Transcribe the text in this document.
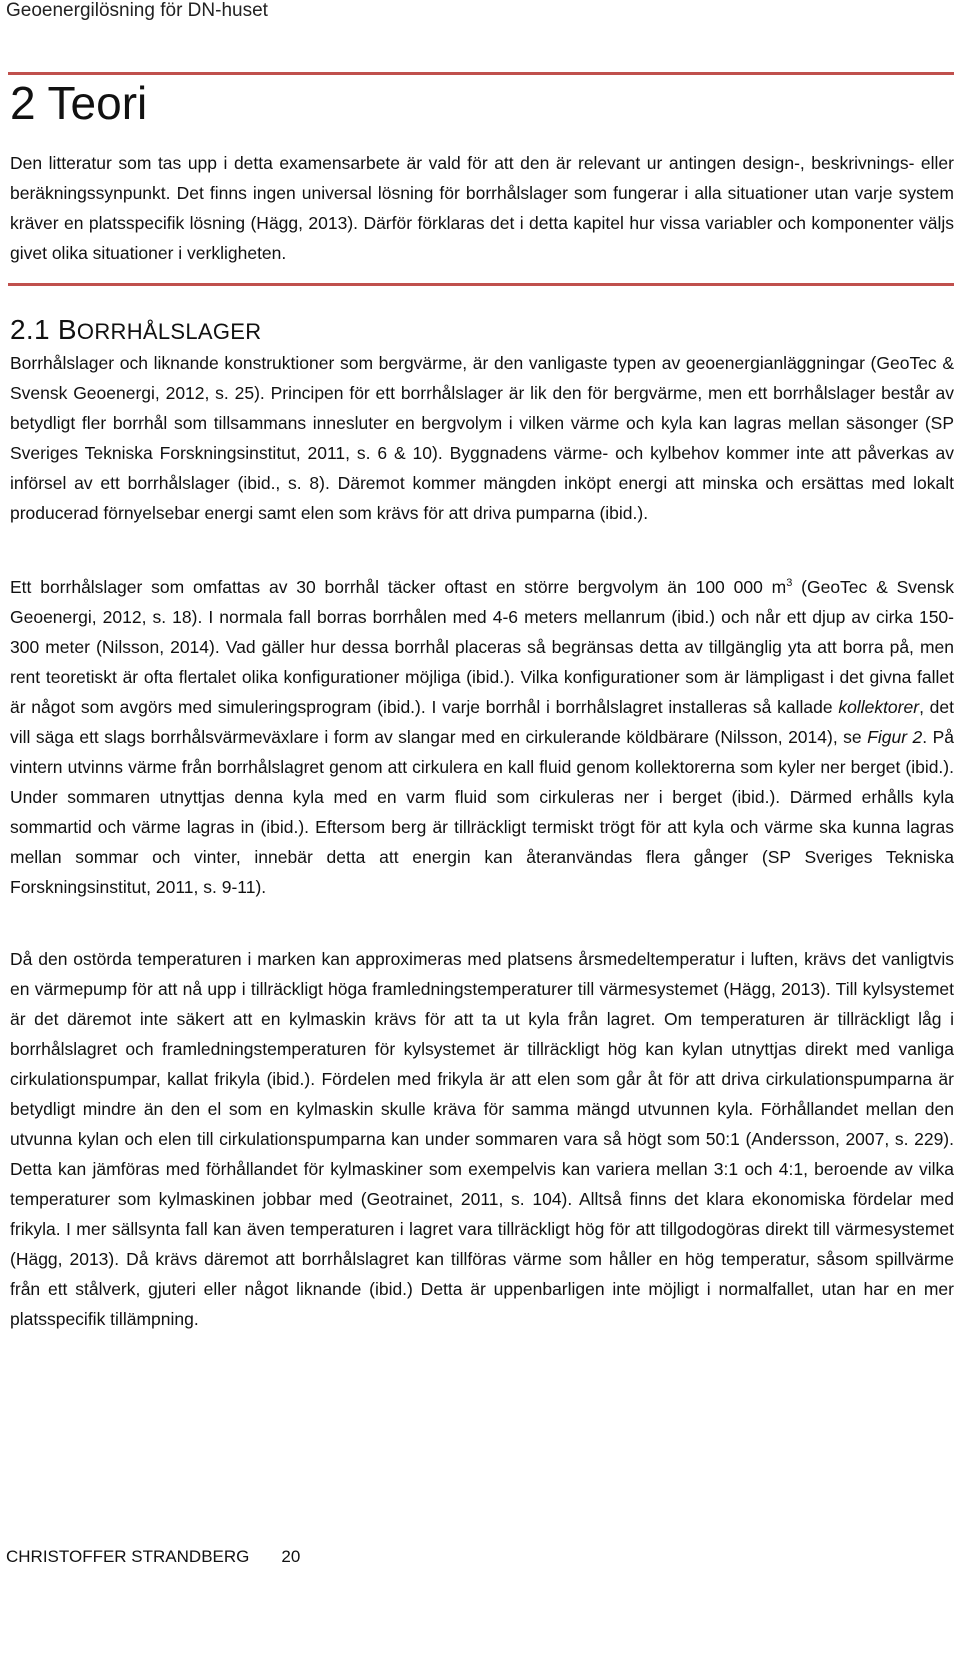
Geoenergilösning för DN-huset
2 Teori

Den litteratur som tas upp i detta examensarbete är vald för att den är relevant ur antingen design-, beskrivnings- eller beräkningssynpunkt. Det finns ingen universal lösning för borrhålslager som fungerar i alla situationer utan varje system kräver en platsspecifik lösning (Hägg, 2013). Därför förklaras det i detta kapitel hur vissa variabler och komponenter väljs givet olika situationer i verkligheten.

2.1 BORRHÅLSLAGER

Borrhålslager och liknande konstruktioner som bergvärme, är den vanligaste typen av geoenergianläggningar (GeoTec & Svensk Geoenergi, 2012, s. 25). Principen för ett borrhålslager är lik den för bergvärme, men ett borrhålslager består av betydligt fler borrhål som tillsammans innesluter en bergvolym i vilken värme och kyla kan lagras mellan säsonger (SP Sveriges Tekniska Forskningsinstitut, 2011, s. 6 & 10). Byggnadens värme- och kylbehov kommer inte att påverkas av införsel av ett borrhålslager (ibid., s. 8). Däremot kommer mängden inköpt energi att minska och ersättas med lokalt producerad förnyelsebar energi samt elen som krävs för att driva pumparna (ibid.).

Ett borrhålslager som omfattas av 30 borrhål täcker oftast en större bergvolym än 100 000 $m^3$ (GeoTec & Svensk Geoenergi, 2012, s. 18). I normala fall borras borrhålen med 4-6 meters mellanrum (ibid.) och når ett djup av cirka 150-300 meter (Nilsson, 2014). Vad gäller hur dessa borrhål placeras så begränsas detta av tillgänglig yta att borra på, men rent teoretiskt är ofta flertalet olika konfigurationer möjliga (ibid.). Vilka konfigurationer som är lämpligast i det givna fallet är något som avgörs med simuleringsprogram (ibid.). I varje borrhål i borrhålslagret installeras så kallade kollektorer, det vill säga ett slags borrhålsvärmeväxlare i form av slangar med en cirkulerande köldbärare (Nilsson, 2014), se Figur 2. På vintern utvinns värme från borrhålslagret genom att cirkulera en kall fluid genom kollektorerna som kyler ner berget (ibid.). Under sommaren utnyttjas denna kyla med en varm fluid som cirkuleras ner i berget (ibid.). Därmed erhålls kyla sommartid och värme lagras in (ibid.). Eftersom berg är tillräckligt termiskt trögt för att kyla och värme ska kunna lagras mellan sommar och vinter, innebär detta att energin kan återanvändas flera gånger (SP Sveriges Tekniska Forskningsinstitut, 2011, s. 9-11).

Då den ostörda temperaturen i marken kan approximeras med platsens årsmedeltemperatur i luften, krävs det vanligtvis en värmepump för att nå upp i tillräckligt höga framledningstemperaturer till värmesystemet (Hägg, 2013). Till kylsystemet är det däremot inte säkert att en kylmaskin krävs för att ta ut kyla från lagret. Om temperaturen är tillräckligt låg i borrhålslagret och framledningstemperaturen för kylsystemet är tillräckligt hög kan kylan utnyttjas direkt med vanliga cirkulationspumpar, kallat frikyla (ibid.). Fördelen med frikyla är att elen som går åt för att driva cirkulationspumparna är betydligt mindre än den el som en kylmaskin skulle kräva för samma mängd utvunnen kyla. Förhållandet mellan den utvunna kylan och elen till cirkulationspumparna kan under sommaren vara så högt som 50:1 (Andersson, 2007, s. 229). Detta kan jämföras med förhållandet för kylmaskiner som exempelvis kan variera mellan 3:1 och 4:1, beroende av vilka temperaturer som kylmaskinen jobbar med (Geotrainet, 2011, s. 104). Alltså finns det klara ekonomiska fördelar med frikyla. I mer sällsynta fall kan även temperaturen i lagret vara tillräckligt hög för att tillgodogöras direkt till värmesystemet (Hägg, 2013). Då krävs däremot att borrhålslagret kan tillföras värme som håller en hög temperatur, såsom spillvärme från ett stålverk, gjuteri eller något liknande (ibid.) Detta är uppenbarligen inte möjligt i normalfallet, utan har en mer platsspecifik tillämpning.

CHRISTOFFER STRANDBERG 20
